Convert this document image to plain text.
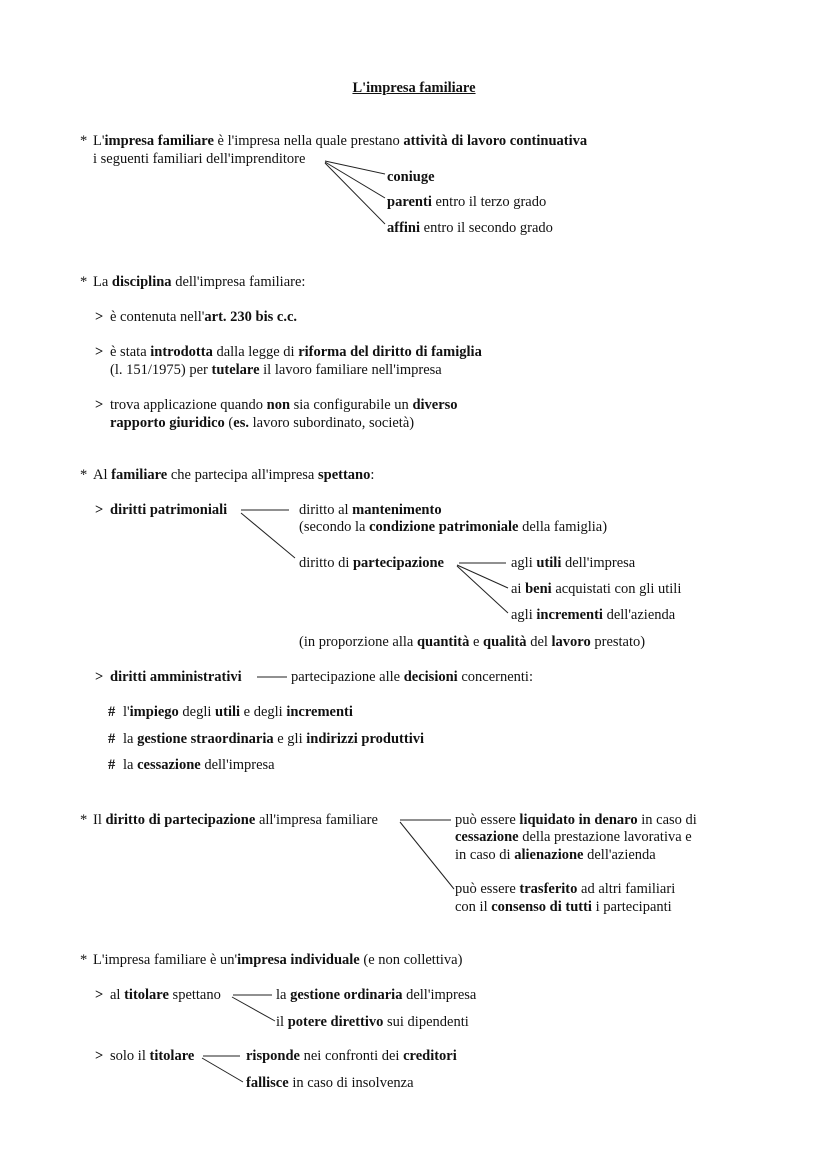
L'impresa familiare
* L'impresa familiare è l'impresa nella quale prestano attività di lavoro continuativa
i seguenti familiari dell'imprenditore
coniuge
parenti entro il terzo grado
affini entro il secondo grado
* La disciplina dell'impresa familiare:
> è contenuta nell'art. 230 bis c.c.
> è stata introdotta dalla legge di riforma del diritto di famiglia
(l. 151/1975) per tutelare il lavoro familiare nell'impresa
> trova applicazione quando non sia configurabile un diverso
rapporto giuridico (es. lavoro subordinato, società)
* Al familiare che partecipa all'impresa spettano:
> diritti patrimoniali	diritto al mantenimento
(secondo la condizione patrimoniale della famiglia)
diritto di partecipazione	agli utili dell'impresa
ai beni acquistati con gli utili
agli incrementi dell'azienda
(in proporzione alla quantità e qualità del lavoro prestato)
> diritti amministrativi	partecipazione alle decisioni concernenti:
# l'impiego degli utili e degli incrementi
# la gestione straordinaria e gli indirizzi produttivi
# la cessazione dell'impresa
* Il diritto di partecipazione all'impresa familiare	può essere liquidato in denaro in caso di
cessazione della prestazione lavorativa e
in caso di alienazione dell'azienda
può essere trasferito ad altri familiari
con il consenso di tutti i partecipanti
* L'impresa familiare è un'impresa individuale (e non collettiva)
> al titolare spettano	la gestione ordinaria dell'impresa
il potere direttivo sui dipendenti
> solo il titolare	risponde nei confronti dei creditori
fallisce in caso di insolvenza
